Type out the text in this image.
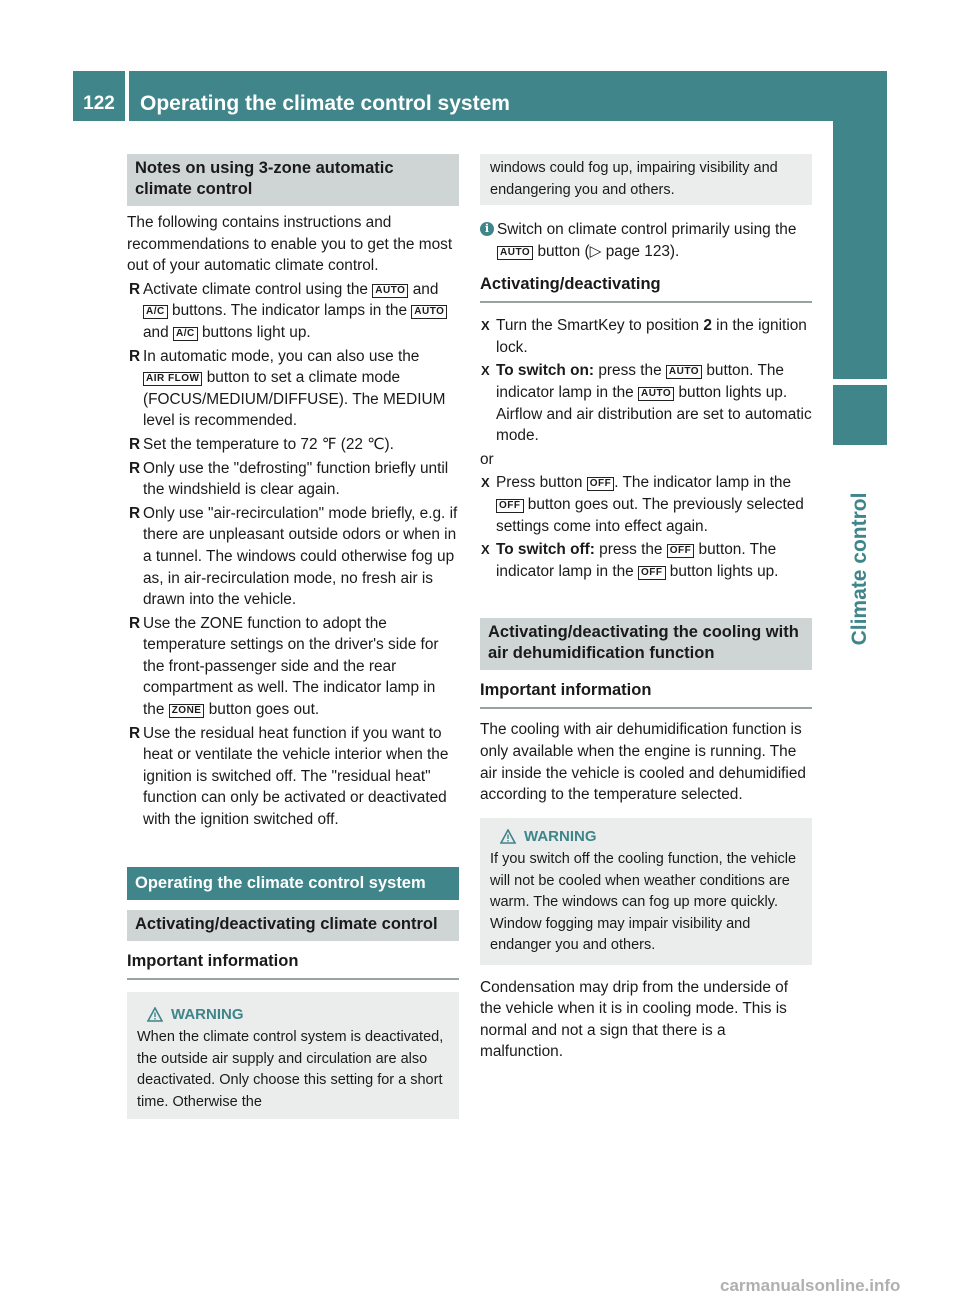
122	Operating the climate control system
Climate control
Notes on using 3-zone automatic climate control

The following contains instructions and recommendations to enable you to get the most out of your automatic climate control.

R Activate climate control using the AUTO and A/C buttons. The indicator lamps in the AUTO and A/C buttons light up.
R In automatic mode, you can also use the AIR FLOW button to set a climate mode (FOCUS/MEDIUM/DIFFUSE). The MEDIUM level is recommended.
R Set the temperature to 72 ℉ (22 ℃).
R Only use the "defrosting" function briefly until the windshield is clear again.
R Only use "air-recirculation" mode briefly, e.g. if there are unpleasant outside odors or when in a tunnel. The windows could otherwise fog up as, in air-recirculation mode, no fresh air is drawn into the vehicle.
R Use the ZONE function to adopt the temperature settings on the driver's side for the front-passenger side and the rear compartment as well. The indicator lamp in the ZONE button goes out.
R Use the residual heat function if you want to heat or ventilate the vehicle interior when the ignition is switched off. The "residual heat" function can only be activated or deactivated with the ignition switched off.
Operating the climate control system
Activating/deactivating climate control
Important information
WARNING

When the climate control system is deactivated, the outside air supply and circulation are also deactivated. Only choose this setting for a short time. Otherwise the

windows could fog up, impairing visibility and endangering you and others.

i Switch on climate control primarily using the AUTO button (▷ page 123).
Activating/deactivating
X Turn the SmartKey to position 2 in the ignition lock.
X To switch on: press the AUTO button. The indicator lamp in the AUTO button lights up. Airflow and air distribution are set to automatic mode.

or

X Press button OFF . The indicator lamp in the OFF button goes out. The previously selected settings come into effect again.
X To switch off: press the OFF button. The indicator lamp in the OFF button lights up.
Activating/deactivating the cooling with air dehumidification function
Important information

The cooling with air dehumidification function is only available when the engine is running. The air inside the vehicle is cooled and dehumidified according to the temperature selected.

WARNING

If you switch off the cooling function, the vehicle will not be cooled when weather conditions are warm. The windows can fog up more quickly. Window fogging may impair visibility and endanger you and others.

Condensation may drip from the underside of the vehicle when it is in cooling mode. This is normal and not a sign that there is a malfunction.

carmanualsonline.info
